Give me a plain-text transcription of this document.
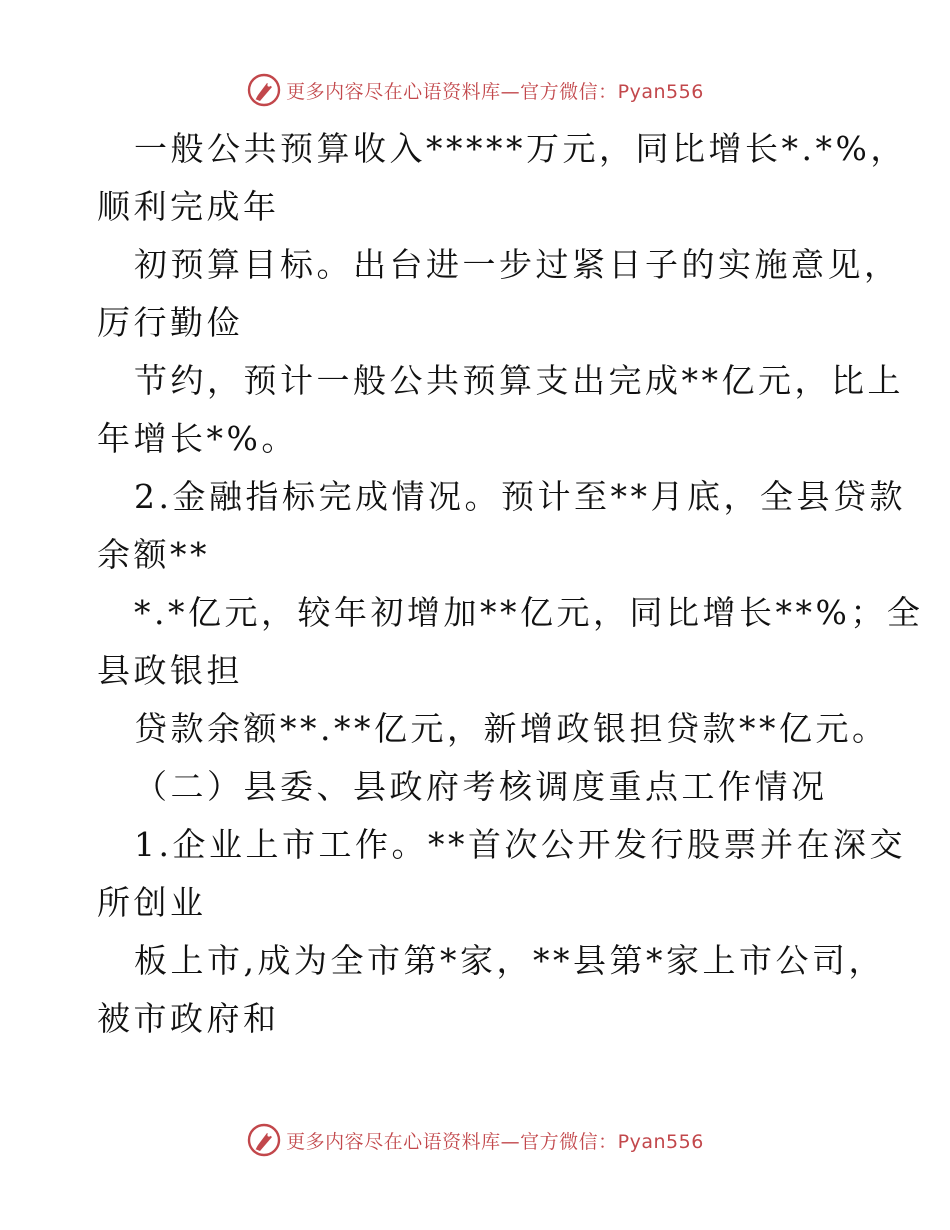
更多内容尽在心语资料库—官方微信：Pyan556
一般公共预算收入*****万元，同比增长*.*%，
顺利完成年
初预算目标。出台进一步过紧日子的实施意见，
厉行勤俭
节约，预计一般公共预算支出完成**亿元，比上
年增长*%。
2.金融指标完成情况。预计至**月底，全县贷款
余额**
*.*亿元，较年初增加**亿元，同比增长**%；全
县政银担
贷款余额**.**亿元，新增政银担贷款**亿元。
（二）县委、县政府考核调度重点工作情况
1.企业上市工作。**首次公开发行股票并在深交
所创业
板上市,成为全市第*家，**县第*家上市公司，
被市政府和
更多内容尽在心语资料库—官方微信：Pyan556
